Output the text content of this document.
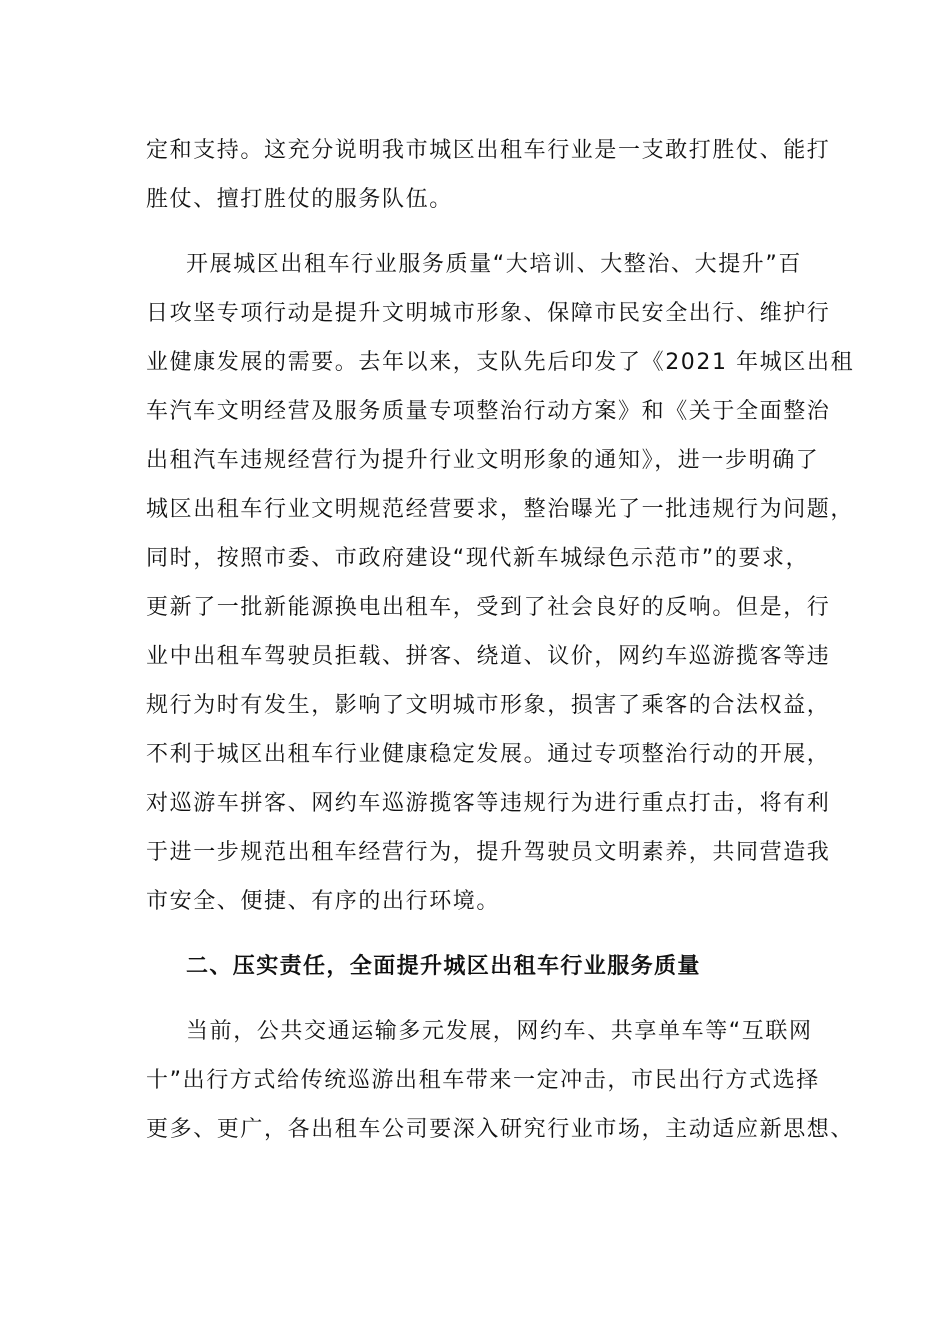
定和支持。这充分说明我市城区出租车行业是一支敢打胜仗、能打
胜仗、擅打胜仗的服务队伍。
开展城区出租车行业服务质量“大培训、大整治、大提升”百
日攻坚专项行动是提升文明城市形象、保障市民安全出行、维护行
业健康发展的需要。去年以来，支队先后印发了《2021 年城区出租
车汽车文明经营及服务质量专项整治行动方案》和《关于全面整治
出租汽车违规经营行为提升行业文明形象的通知》，进一步明确了
城区出租车行业文明规范经营要求，整治曝光了一批违规行为问题，
同时，按照市委、市政府建设“现代新车城绿色示范市”的要求，
更新了一批新能源换电出租车，受到了社会良好的反响。但是，行
业中出租车驾驶员拒载、拼客、绕道、议价，网约车巡游揽客等违
规行为时有发生，影响了文明城市形象，损害了乘客的合法权益，
不利于城区出租车行业健康稳定发展。通过专项整治行动的开展，
对巡游车拼客、网约车巡游揽客等违规行为进行重点打击，将有利
于进一步规范出租车经营行为，提升驾驶员文明素养，共同营造我
市安全、便捷、有序的出行环境。
二、压实责任，全面提升城区出租车行业服务质量
当前，公共交通运输多元发展，网约车、共享单车等“互联网
十”出行方式给传统巡游出租车带来一定冲击，市民出行方式选择
更多、更广，各出租车公司要深入研究行业市场，主动适应新思想、
